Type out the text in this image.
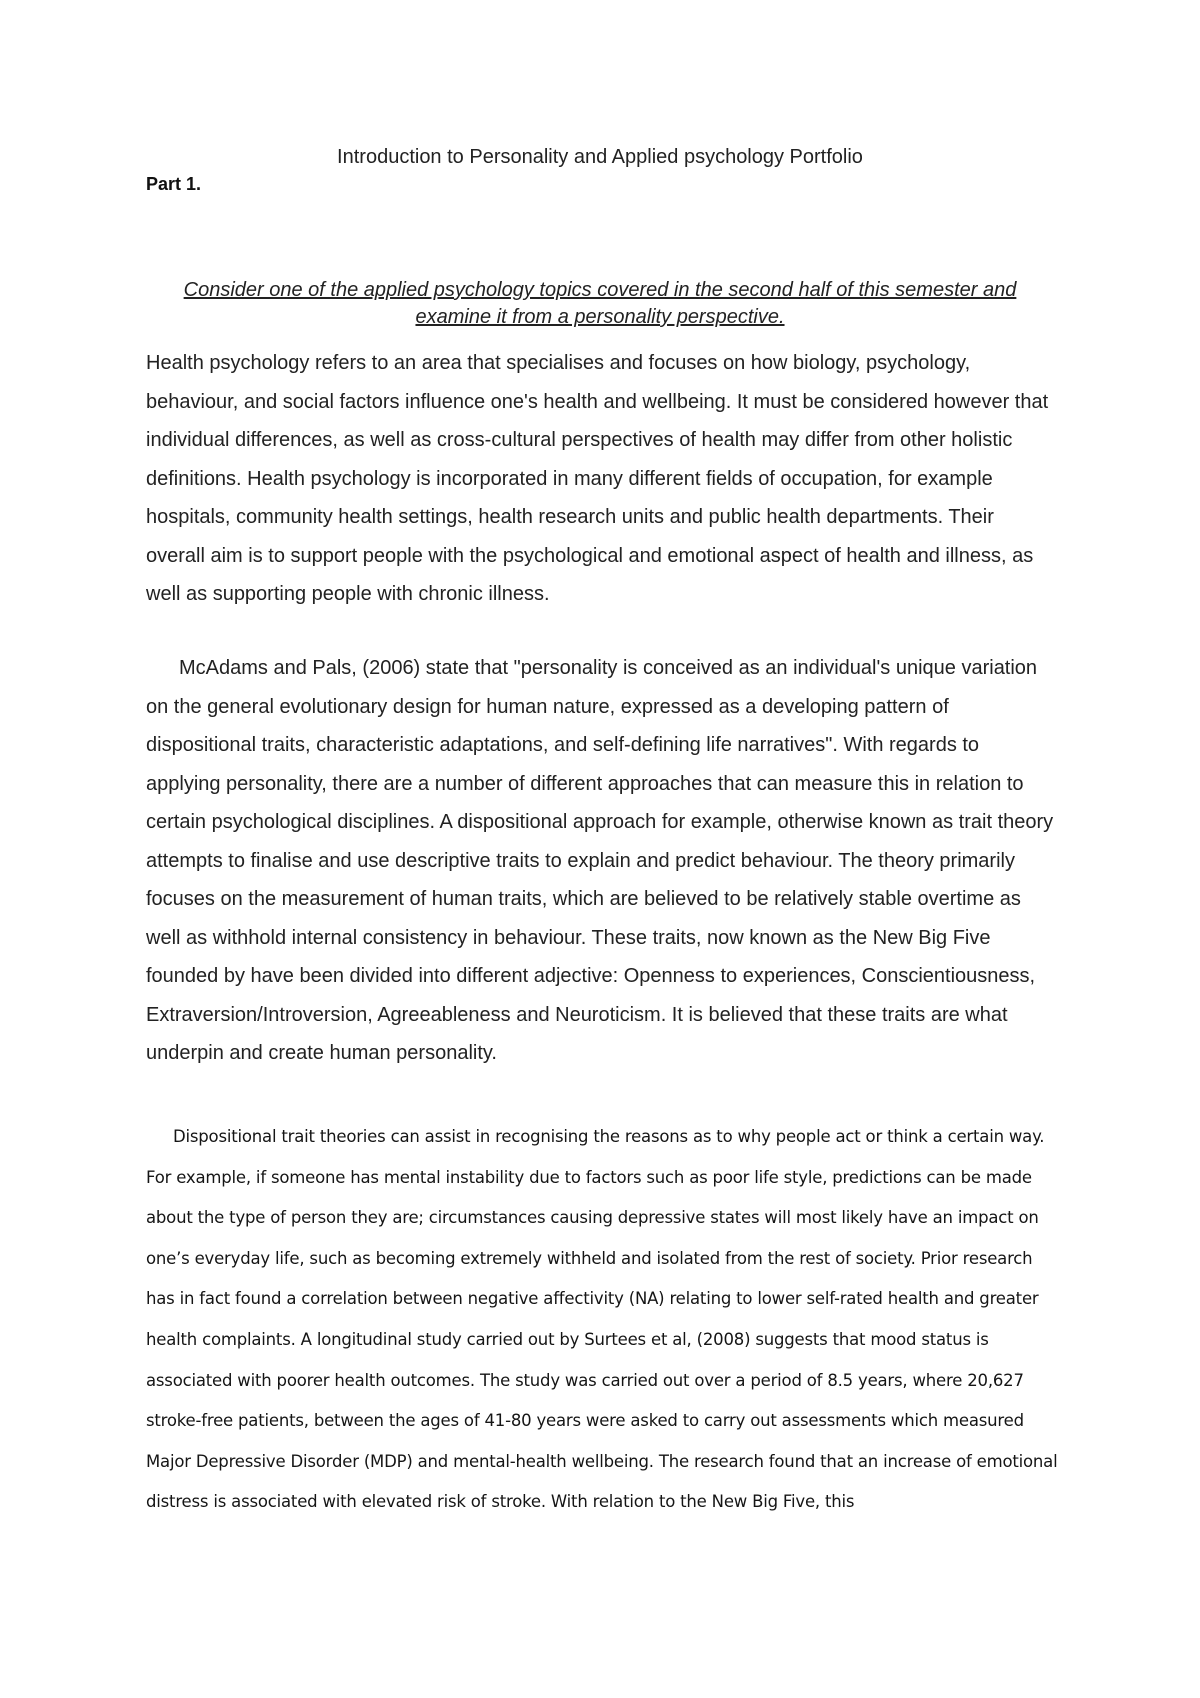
Introduction to Personality and Applied psychology Portfolio
Part 1.

Consider one of the applied psychology topics covered in the second half of this semester and examine it from a personality perspective.

Health psychology refers to an area that specialises and focuses on how biology, psychology, behaviour, and social factors influence one's health and wellbeing. It must be considered however that individual differences, as well as cross-cultural perspectives of health may differ from other holistic definitions. Health psychology is incorporated in many different fields of occupation, for example hospitals, community health settings, health research units and public health departments. Their overall aim is to support people with the psychological and emotional aspect of health and illness, as well as supporting people with chronic illness.

McAdams and Pals, (2006) state that "personality is conceived as an individual's unique variation on the general evolutionary design for human nature, expressed as a developing pattern of dispositional traits, characteristic adaptations, and self-defining life narratives". With regards to applying personality, there are a number of different approaches that can measure this in relation to certain psychological disciplines. A dispositional approach for example, otherwise known as trait theory attempts to finalise and use descriptive traits to explain and predict behaviour. The theory primarily focuses on the measurement of human traits, which are believed to be relatively stable overtime as well as withhold internal consistency in behaviour. These traits, now known as the New Big Five founded by have been divided into different adjective: Openness to experiences, Conscientiousness, Extraversion/Introversion, Agreeableness and Neuroticism. It is believed that these traits are what underpin and create human personality.

Dispositional trait theories can assist in recognising the reasons as to why people act or think a certain way. For example, if someone has mental instability due to factors such as poor life style, predictions can be made about the type of person they are; circumstances causing depressive states will most likely have an impact on one’s everyday life, such as becoming extremely withheld and isolated from the rest of society. Prior research has in fact found a correlation between negative affectivity (NA) relating to lower self-rated health and greater health complaints. A longitudinal study carried out by Surtees et al, (2008) suggests that mood status is associated with poorer health outcomes. The study was carried out over a period of 8.5 years, where 20,627 stroke-free patients, between the ages of 41-80 years were asked to carry out assessments which measured Major Depressive Disorder (MDP) and mental-health wellbeing. The research found that an increase of emotional distress is associated with elevated risk of stroke. With relation to the New Big Five, this
